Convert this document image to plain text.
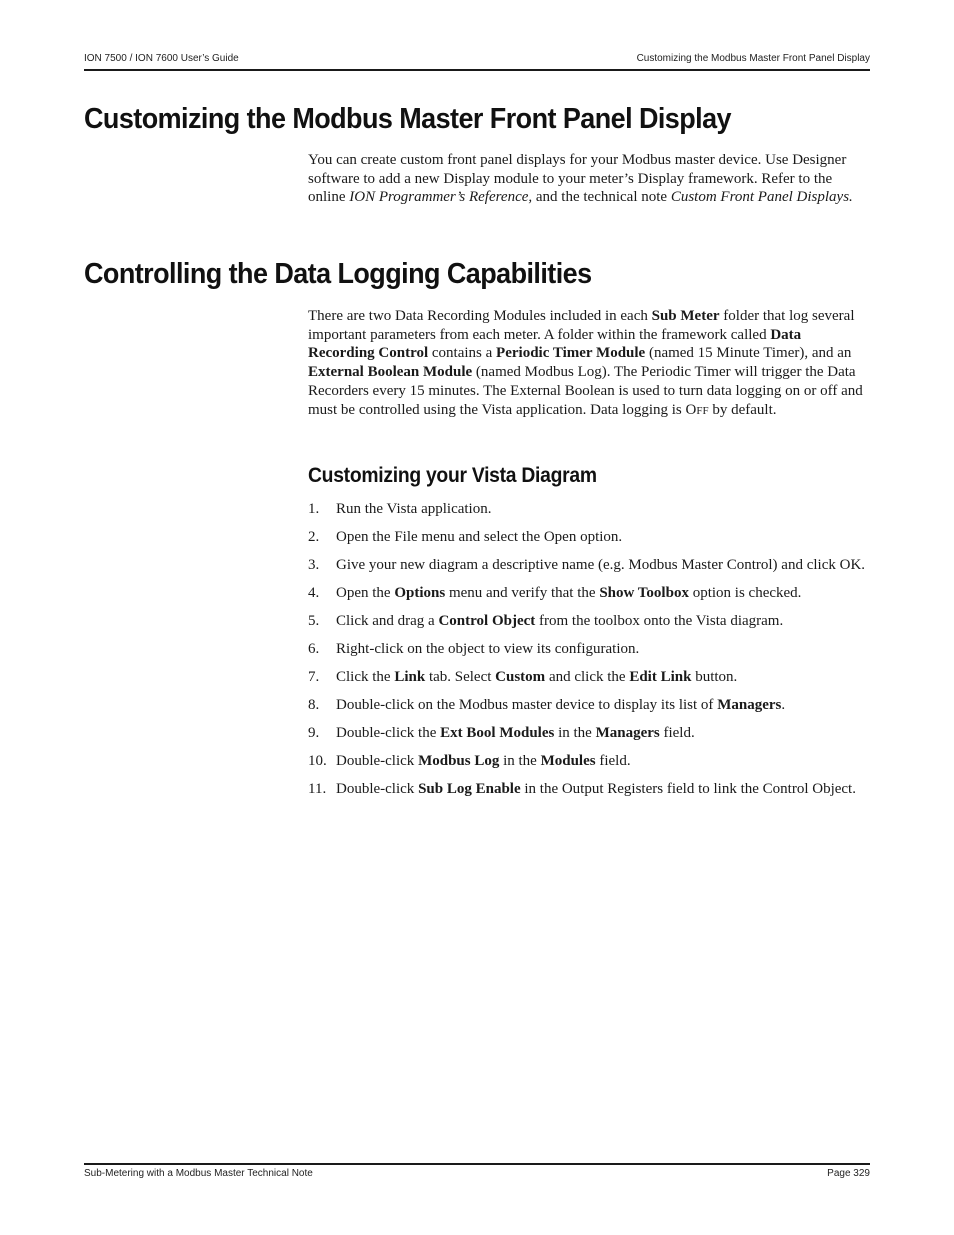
ION 7500 / ION 7600 User’s Guide	Customizing the Modbus Master Front Panel Display
Customizing the Modbus Master Front Panel Display

You can create custom front panel displays for your Modbus master device. Use Designer software to add a new Display module to your meter’s Display framework. Refer to the online ION Programmer’s Reference, and the technical note Custom Front Panel Displays.

Controlling the Data Logging Capabilities

There are two Data Recording Modules included in each Sub Meter folder that log several important parameters from each meter. A folder within the framework called Data Recording Control contains a Periodic Timer Module (named 15 Minute Timer), and an External Boolean Module (named Modbus Log). The Periodic Timer will trigger the Data Recorders every 15 minutes. The External Boolean is used to turn data logging on or off and must be controlled using the Vista application. Data logging is OFF by default.

Customizing your Vista Diagram
1. Run the Vista application.
2. Open the File menu and select the Open option.
3. Give your new diagram a descriptive name (e.g. Modbus Master Control) and click OK.
4. Open the Options menu and verify that the Show Toolbox option is checked.
5. Click and drag a Control Object from the toolbox onto the Vista diagram.
6. Right-click on the object to view its configuration.
7. Click the Link tab. Select Custom and click the Edit Link button.
8. Double-click on the Modbus master device to display its list of Managers.
9. Double-click the Ext Bool Modules in the Managers field.
10. Double-click Modbus Log in the Modules field.
11. Double-click Sub Log Enable in the Output Registers field to link the Control Object.
Sub-Metering with a Modbus Master Technical Note	Page 329
